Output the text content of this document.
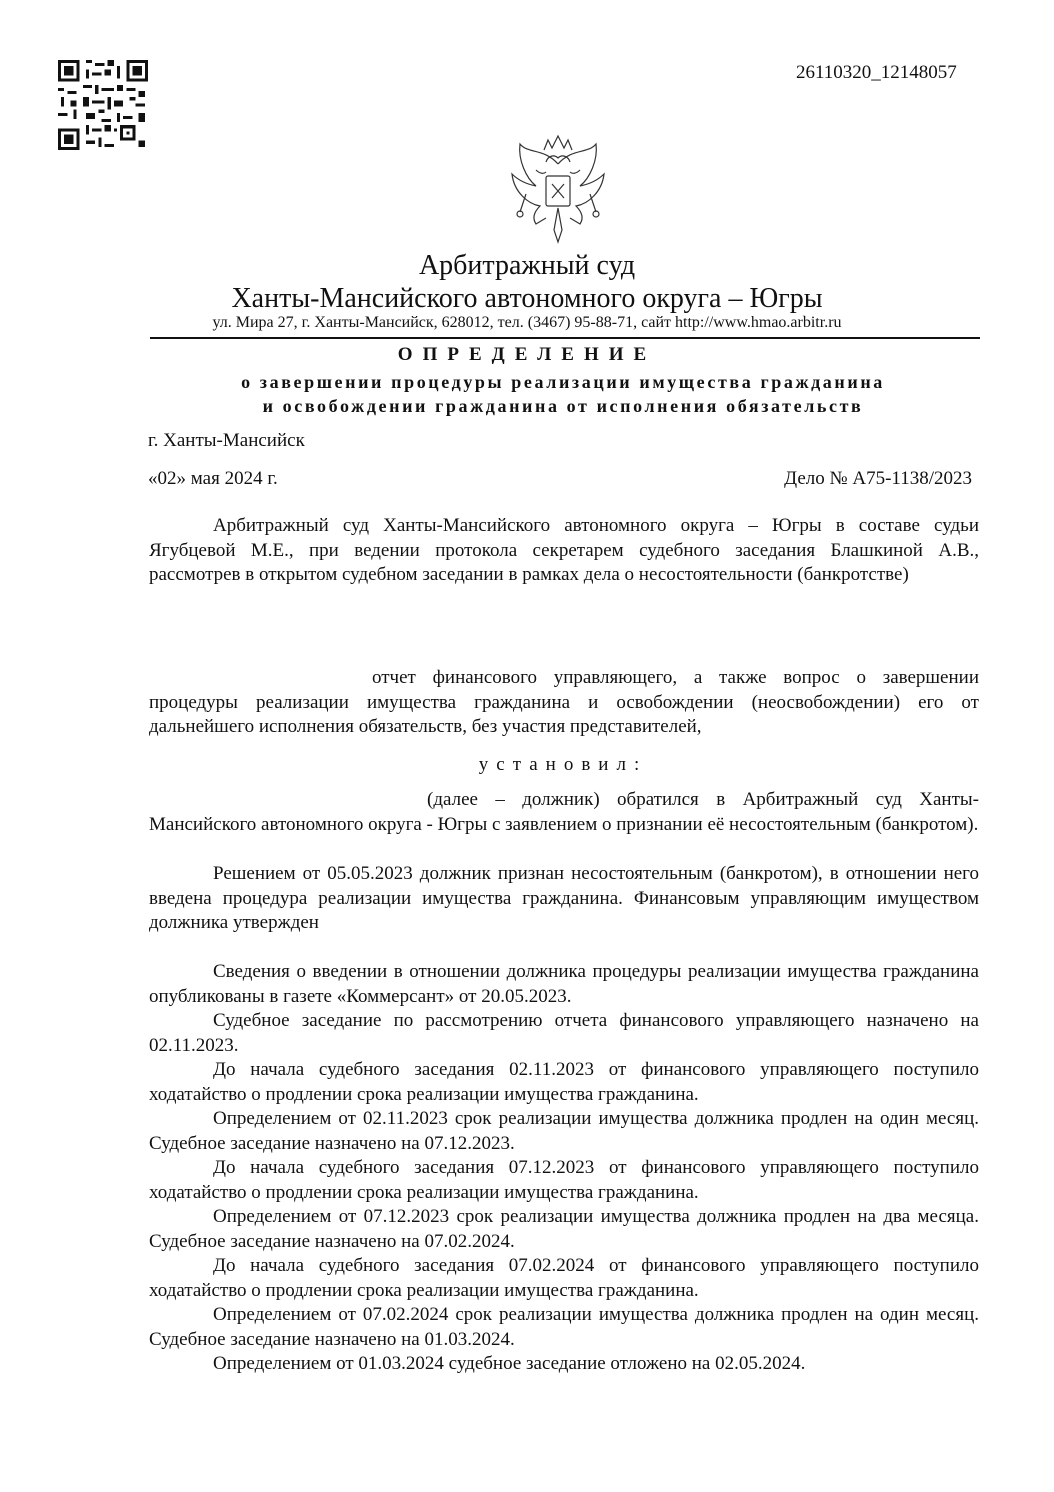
26110320_12148057
Арбитражный суд
Ханты-Мансийского автономного округа – Югры
ул. Мира 27, г. Ханты-Мансийск, 628012, тел. (3467) 95-88-71, сайт http://www.hmao.arbitr.ru
ОПРЕДЕЛЕНИЕ
о завершении процедуры реализации имущества гражданина
и освобождении гражданина от исполнения обязательств
г. Ханты-Мансийск
«02» мая 2024 г.	Дело № А75-1138/2023
Арбитражный суд Ханты-Мансийского автономного округа – Югры в составе судьи Ягубцевой М.Е., при ведении протокола секретарем судебного заседания Блашкиной А.В., рассмотрев в открытом судебном заседании в рамках дела о несостоятельности (банкротстве)
отчет финансового управляющего, а также вопрос о завершении процедуры реализации имущества гражданина и освобождении (неосвобождении) его от дальнейшего исполнения обязательств, без участия представителей,
установил:
(далее – должник) обратился в Арбитражный суд Ханты-Мансийского автономного округа - Югры с заявлением о признании её несостоятельным (банкротом).
Решением от 05.05.2023 должник признан несостоятельным (банкротом), в отношении него введена процедура реализации имущества гражданина. Финансовым управляющим имуществом должника утвержден
Сведения о введении в отношении должника процедуры реализации имущества гражданина опубликованы в газете «Коммерсант» от 20.05.2023.
Судебное заседание по рассмотрению отчета финансового управляющего назначено на 02.11.2023.
До начала судебного заседания 02.11.2023 от финансового управляющего поступило ходатайство о продлении срока реализации имущества гражданина.
Определением от 02.11.2023 срок реализации имущества должника продлен на один месяц. Судебное заседание назначено на 07.12.2023.
До начала судебного заседания 07.12.2023 от финансового управляющего поступило ходатайство о продлении срока реализации имущества гражданина.
Определением от 07.12.2023 срок реализации имущества должника продлен на два месяца. Судебное заседание назначено на 07.02.2024.
До начала судебного заседания 07.02.2024 от финансового управляющего поступило ходатайство о продлении срока реализации имущества гражданина.
Определением от 07.02.2024 срок реализации имущества должника продлен на один месяц. Судебное заседание назначено на 01.03.2024.
Определением от 01.03.2024 судебное заседание отложено на 02.05.2024.
